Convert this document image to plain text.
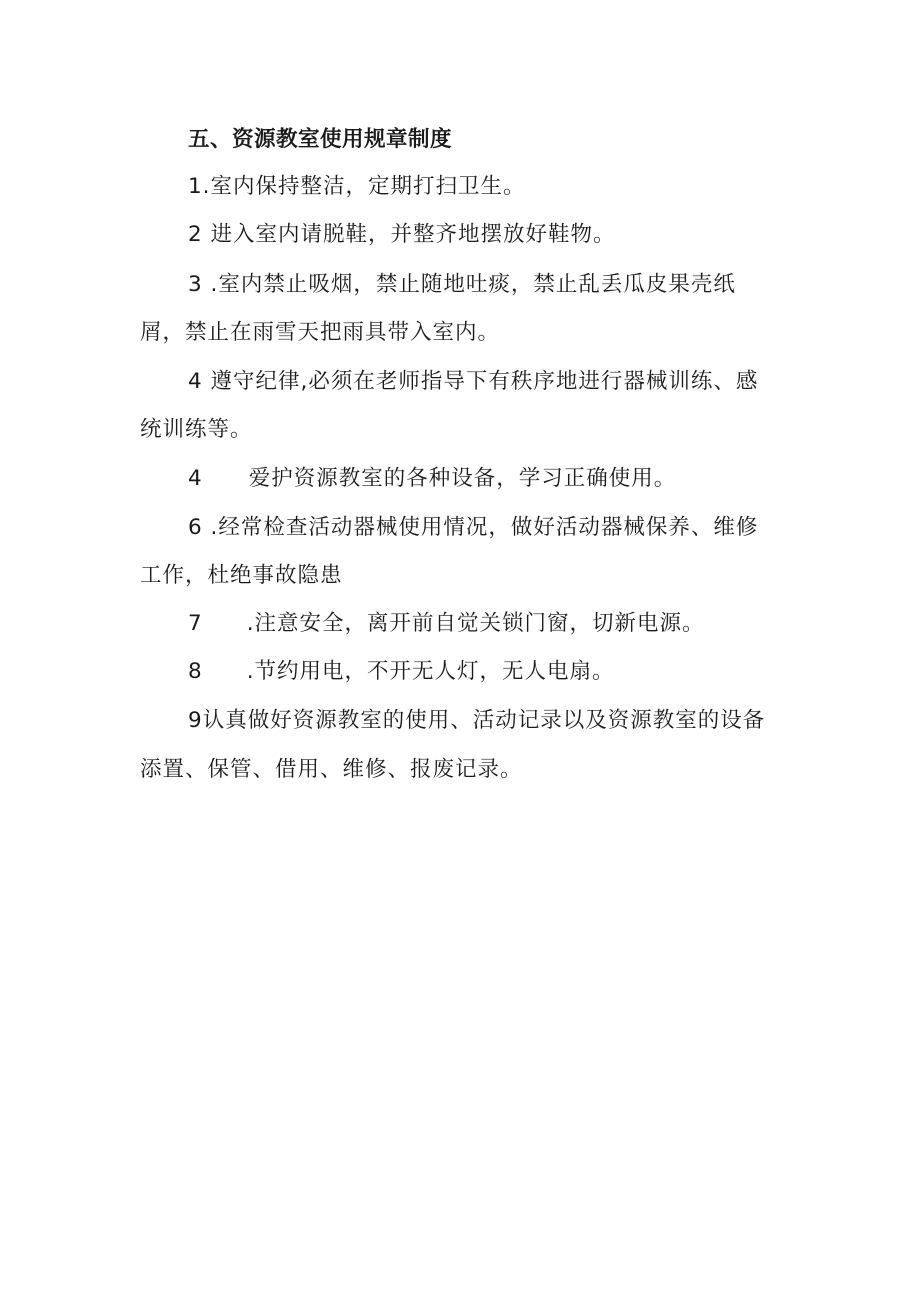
五、资源教室使用规章制度

1.室内保持整洁，定期打扫卫生。

2 进入室内请脱鞋，并整齐地摆放好鞋物。

3 .室内禁止吸烟，禁止随地吐痰，禁止乱丢瓜皮果壳纸

屑，禁止在雨雪天把雨具带入室内。

4 遵守纪律,必须在老师指导下有秩序地进行器械训练、感

统训练等。

4 爱护资源教室的各种设备，学习正确使用。

6 .经常检查活动器械使用情况，做好活动器械保养、维修

工作，杜绝事故隐患

7 .注意安全，离开前自觉关锁门窗，切新电源。

8 .节约用电，不开无人灯，无人电扇。

9认真做好资源教室的使用、活动记录以及资源教室的设备

添置、保管、借用、维修、报废记录。
